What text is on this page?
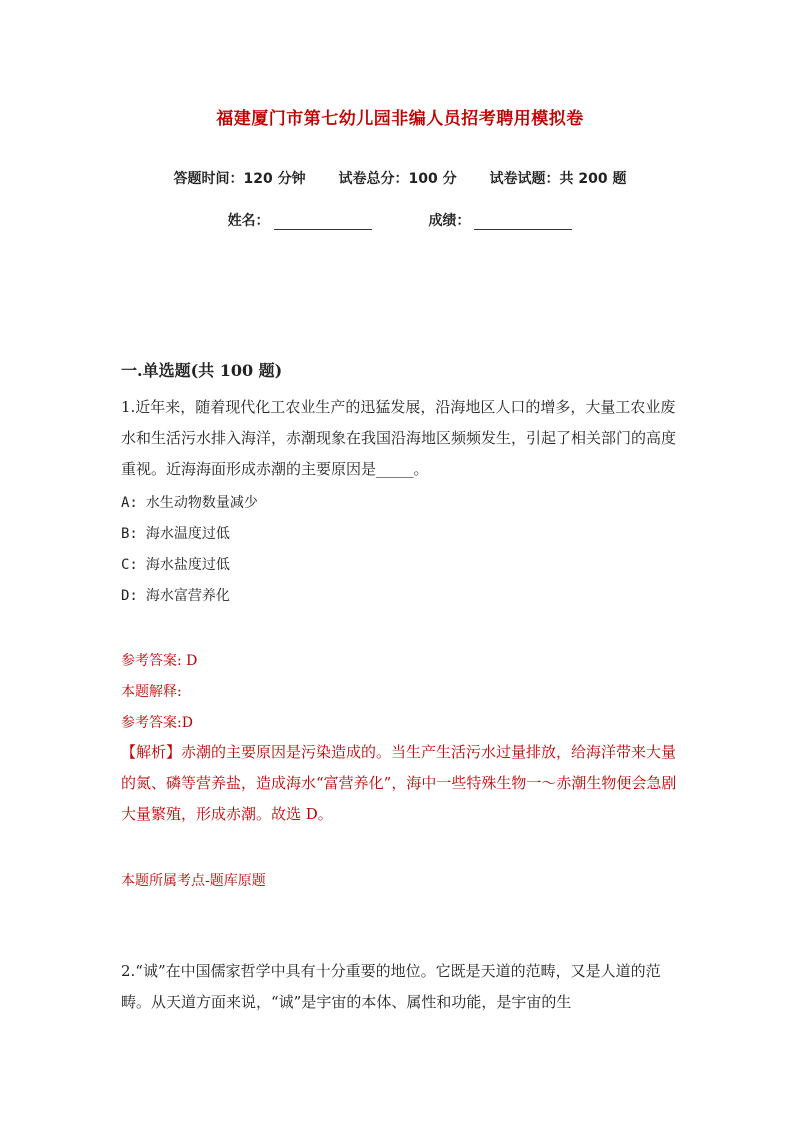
福建厦门市第七幼儿园非编人员招考聘用模拟卷
答题时间：120 分钟 试卷总分：100 分 试卷试题：共 200 题
姓名：	成绩：
一.单选题(共 100 题)
1.近年来，随着现代化工农业生产的迅猛发展，沿海地区人口的增多，大量工农业废水和生活污水排入海洋，赤潮现象在我国沿海地区频频发生，引起了相关部门的高度重视。近海海面形成赤潮的主要原因是_____。
A: 水生动物数量减少
B: 海水温度过低
C: 海水盐度过低
D: 海水富营养化
参考答案: D
本题解释:
参考答案:D
【解析】赤潮的主要原因是污染造成的。当生产生活污水过量排放，给海洋带来大量的氮、磷等营养盐，造成海水“富营养化”，海中一些特殊生物一～赤潮生物便会急剧大量繁殖，形成赤潮。故选 D。
本题所属考点-题库原题
2.“诚”在中国儒家哲学中具有十分重要的地位。它既是天道的范畴，又是人道的范畴。从天道方面来说，“诚”是宇宙的本体、属性和功能，是宇宙的生
